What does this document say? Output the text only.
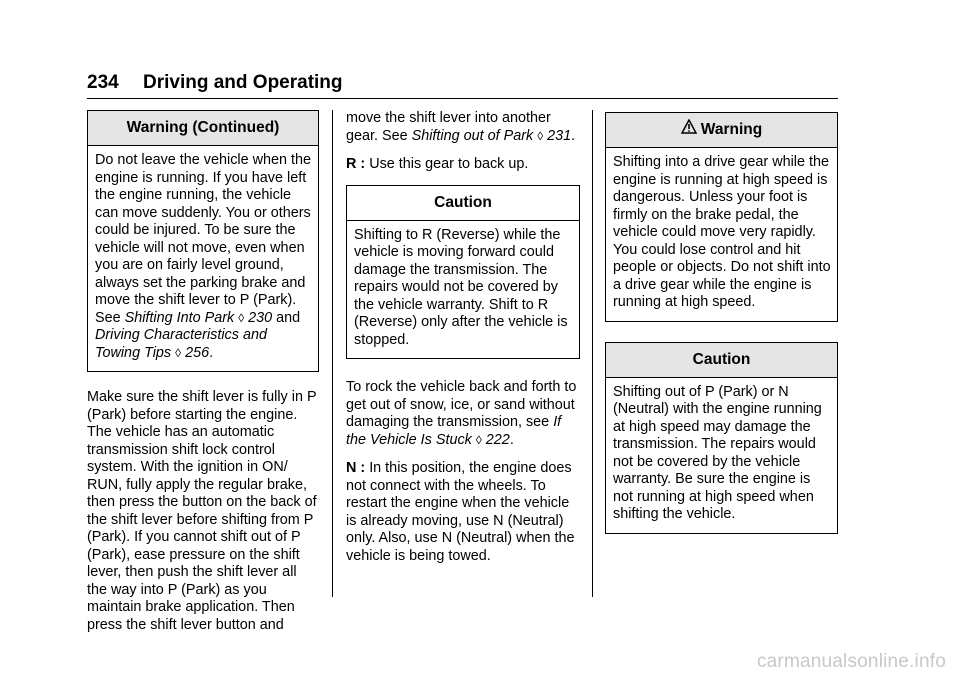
234 Driving and Operating
Warning (Continued)
Do not leave the vehicle when the engine is running. If you have left the engine running, the vehicle can move suddenly. You or others could be injured. To be sure the vehicle will not move, even when you are on fairly level ground, always set the parking brake and move the shift lever to P (Park). See Shifting Into Park ◊ 230 and Driving Characteristics and Towing Tips ◊ 256.

Make sure the shift lever is fully in P (Park) before starting the engine. The vehicle has an automatic transmission shift lock control system. With the ignition in ON/ RUN, fully apply the regular brake, then press the button on the back of the shift lever before shifting from P (Park). If you cannot shift out of P (Park), ease pressure on the shift lever, then push the shift lever all the way into P (Park) as you maintain brake application. Then press the shift lever button and

move the shift lever into another gear. See Shifting out of Park ◊ 231.

R : Use this gear to back up.

Caution
Shifting to R (Reverse) while the vehicle is moving forward could damage the transmission. The repairs would not be covered by the vehicle warranty. Shift to R (Reverse) only after the vehicle is stopped.

To rock the vehicle back and forth to get out of snow, ice, or sand without damaging the transmission, see If the Vehicle Is Stuck ◊ 222.

N : In this position, the engine does not connect with the wheels. To restart the engine when the vehicle is already moving, use N (Neutral) only. Also, use N (Neutral) when the vehicle is being towed.

Warning
Shifting into a drive gear while the engine is running at high speed is dangerous. Unless your foot is firmly on the brake pedal, the vehicle could move very rapidly. You could lose control and hit people or objects. Do not shift into a drive gear while the engine is running at high speed.
Caution
Shifting out of P (Park) or N (Neutral) with the engine running at high speed may damage the transmission. The repairs would not be covered by the vehicle warranty. Be sure the engine is not running at high speed when shifting the vehicle.
carmanualsonline.info
